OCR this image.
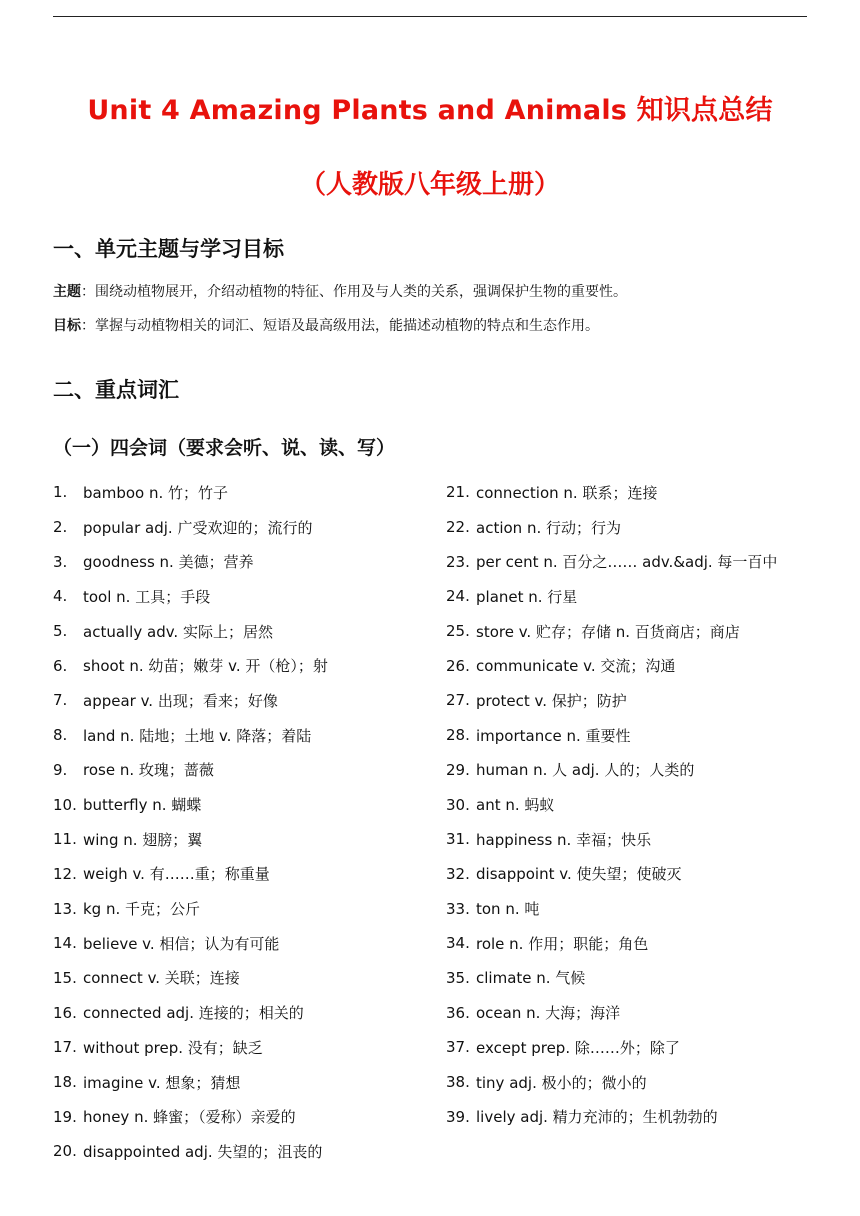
Unit 4 Amazing Plants and Animals 知识点总结
（人教版八年级上册）
一、单元主题与学习目标
主题：围绕动植物展开，介绍动植物的特征、作用及与人类的关系，强调保护生物的重要性。
目标：掌握与动植物相关的词汇、短语及最高级用法，能描述动植物的特点和生态作用。
二、重点词汇
（一）四会词（要求会听、说、读、写）
1.	bamboo n. 竹；竹子
2.	popular adj. 广受欢迎的；流行的
3.	goodness n. 美德；营养
4.	tool n. 工具；手段
5.	actually adv. 实际上；居然
6.	shoot n. 幼苗；嫩芽 v. 开（枪）；射
7.	appear v. 出现；看来；好像
8.	land n. 陆地；土地 v. 降落；着陆
9.	rose n. 玫瑰；蔷薇
10. butterfly n. 蝴蝶
11. wing n. 翅膀；翼
12. weigh v. 有……重；称重量
13. kg n. 千克；公斤
14. believe v. 相信；认为有可能
15. connect v. 关联；连接
16. connected adj. 连接的；相关的
17. without prep. 没有；缺乏
18. imagine v. 想象；猜想
19. honey n. 蜂蜜；（爱称）亲爱的
20. disappointed adj. 失望的；沮丧的
21. connection n. 联系；连接
22. action n. 行动；行为
23. per cent n. 百分之…… adv.&adj. 每一百中
24. planet n. 行星
25. store v. 贮存；存储 n. 百货商店；商店
26. communicate v. 交流；沟通
27. protect v. 保护；防护
28. importance n. 重要性
29. human n. 人 adj. 人的；人类的
30. ant n. 蚂蚁
31. happiness n. 幸福；快乐
32. disappoint v. 使失望；使破灭
33. ton n. 吨
34. role n. 作用；职能；角色
35. climate n. 气候
36. ocean n. 大海；海洋
37. except prep. 除……外；除了
38. tiny adj. 极小的；微小的
39. lively adj. 精力充沛的；生机勃勃的
